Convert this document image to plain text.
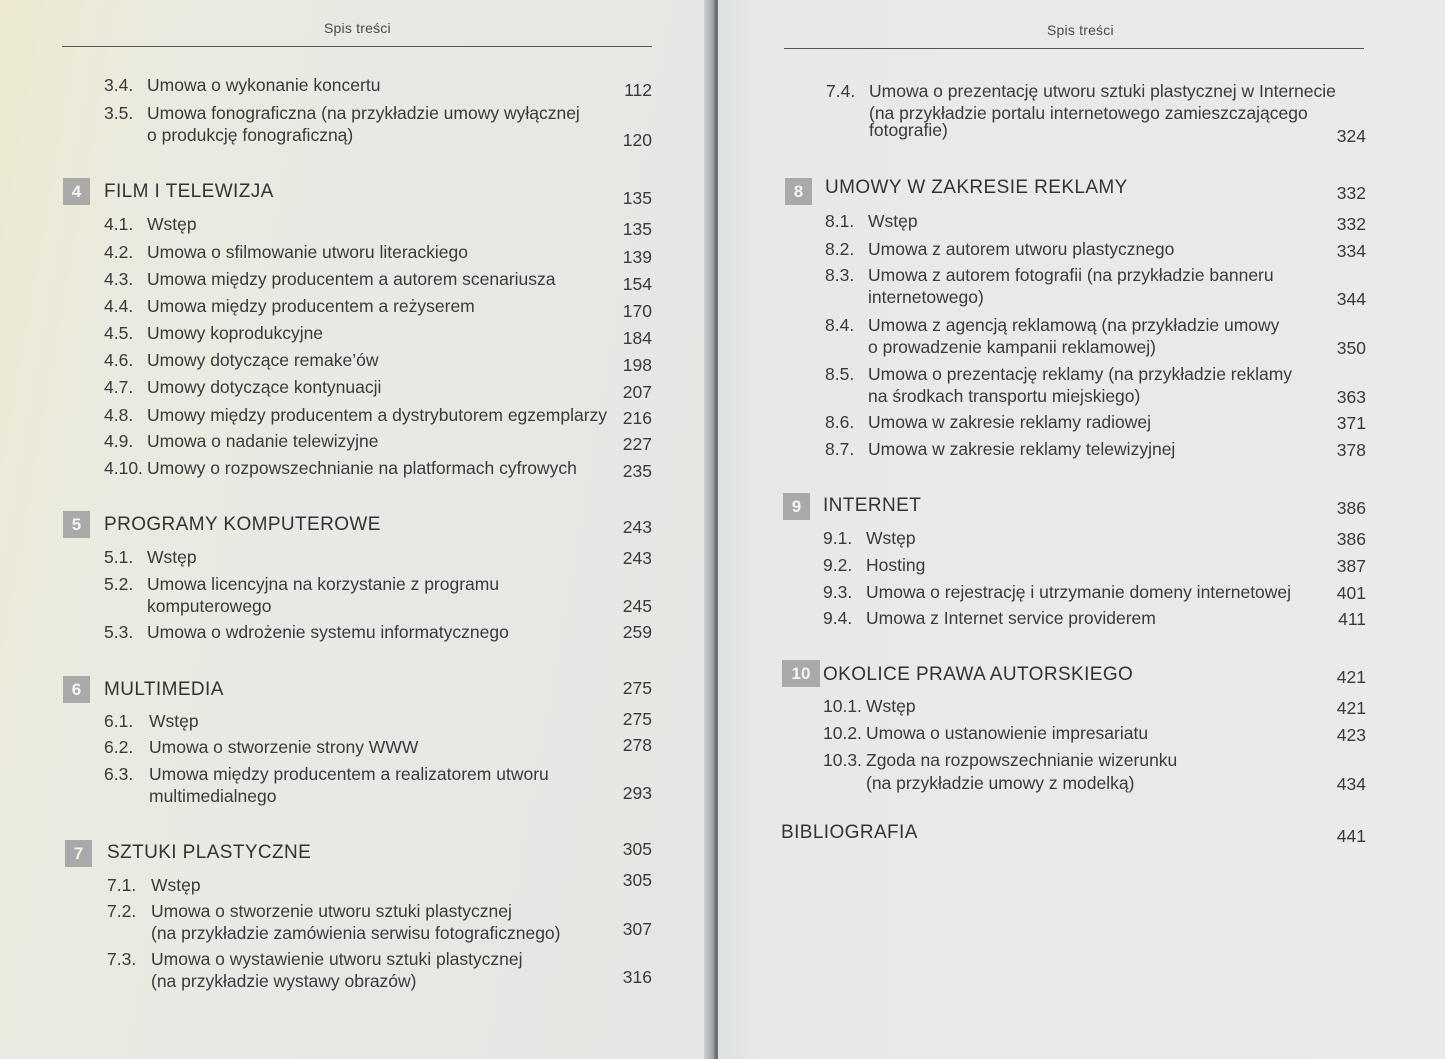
Spis treści
3.4. Umowa o wykonanie koncertu	112
3.5. Umowa fonograficzna (na przykładzie umowy wyłącznej
o produkcję fonograficzną)	120
4	FILM I TELEWIZJA	135
4.1. Wstęp	135
4.2. Umowa o sfilmowanie utworu literackiego	139
4.3. Umowa między producentem a autorem scenariusza	154
4.4. Umowa między producentem a reżyserem	170
4.5. Umowy koprodukcyjne	184
4.6. Umowy dotyczące remake’ów	198
4.7. Umowy dotyczące kontynuacji	207
4.8. Umowy między producentem a dystrybutorem egzemplarzy 216
4.9. Umowa o nadanie telewizyjne	227
4.10. Umowy o rozpowszechnianie na platformach cyfrowych	235
5	PROGRAMY KOMPUTEROWE	243
5.1. Wstęp	243
5.2. Umowa licencyjna na korzystanie z programu
komputerowego	245
5.3. Umowa o wdrożenie systemu informatycznego	259
6	MULTIMEDIA	275
6.1. Wstęp	275
6.2. Umowa o stworzenie strony WWW	278
6.3. Umowa między producentem a realizatorem utworu
multimedialnego	293
7	SZTUKI PLASTYCZNE	305
7.1. Wstęp	305
7.2. Umowa o stworzenie utworu sztuki plastycznej
(na przykładzie zamówienia serwisu fotograficznego)	307
7.3. Umowa o wystawienie utworu sztuki plastycznej
(na przykładzie wystawy obrazów)	316
Spis treści
7.4. Umowa o prezentację utworu sztuki plastycznej w Internecie
(na przykładzie portalu internetowego zamieszczającego
fotografie)	324
8	UMOWY W ZAKRESIE REKLAMY	332
8.1. Wstęp	332
8.2. Umowa z autorem utworu plastycznego	334
8.3. Umowa z autorem fotografii (na przykładzie banneru
internetowego)	344
8.4. Umowa z agencją reklamową (na przykładzie umowy
o prowadzenie kampanii reklamowej)	350
8.5. Umowa o prezentację reklamy (na przykładzie reklamy
na środkach transportu miejskiego)	363
8.6. Umowa w zakresie reklamy radiowej	371
8.7. Umowa w zakresie reklamy telewizyjnej	378
9	INTERNET	386
9.1. Wstęp	386
9.2. Hosting	387
9.3. Umowa o rejestrację i utrzymanie domeny internetowej	401
9.4. Umowa z Internet service providerem	411
10 OKOLICE PRAWA AUTORSKIEGO	421
10.1. Wstęp	421
10.2. Umowa o ustanowienie impresariatu	423
10.3. Zgoda na rozpowszechnianie wizerunku
(na przykładzie umowy z modelką)	434
BIBLIOGRAFIA	441
